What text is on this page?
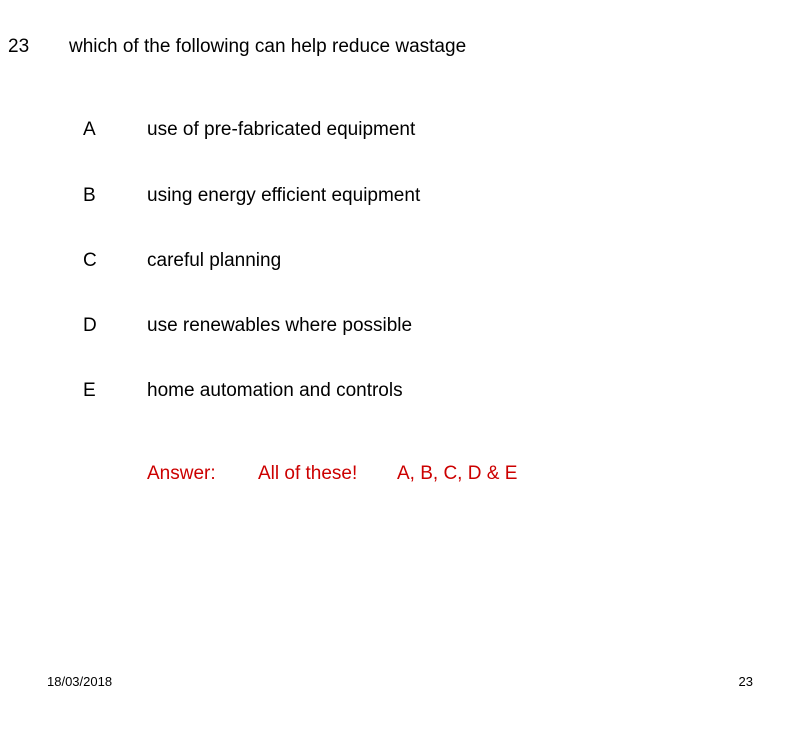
23 which of the following can help reduce wastage
A	use of pre-fabricated equipment
B	using energy efficient equipment
C	careful planning
D	use renewables where possible
E	home automation and controls
Answer: All of these! A, B, C, D & E
18/03/2018	23
